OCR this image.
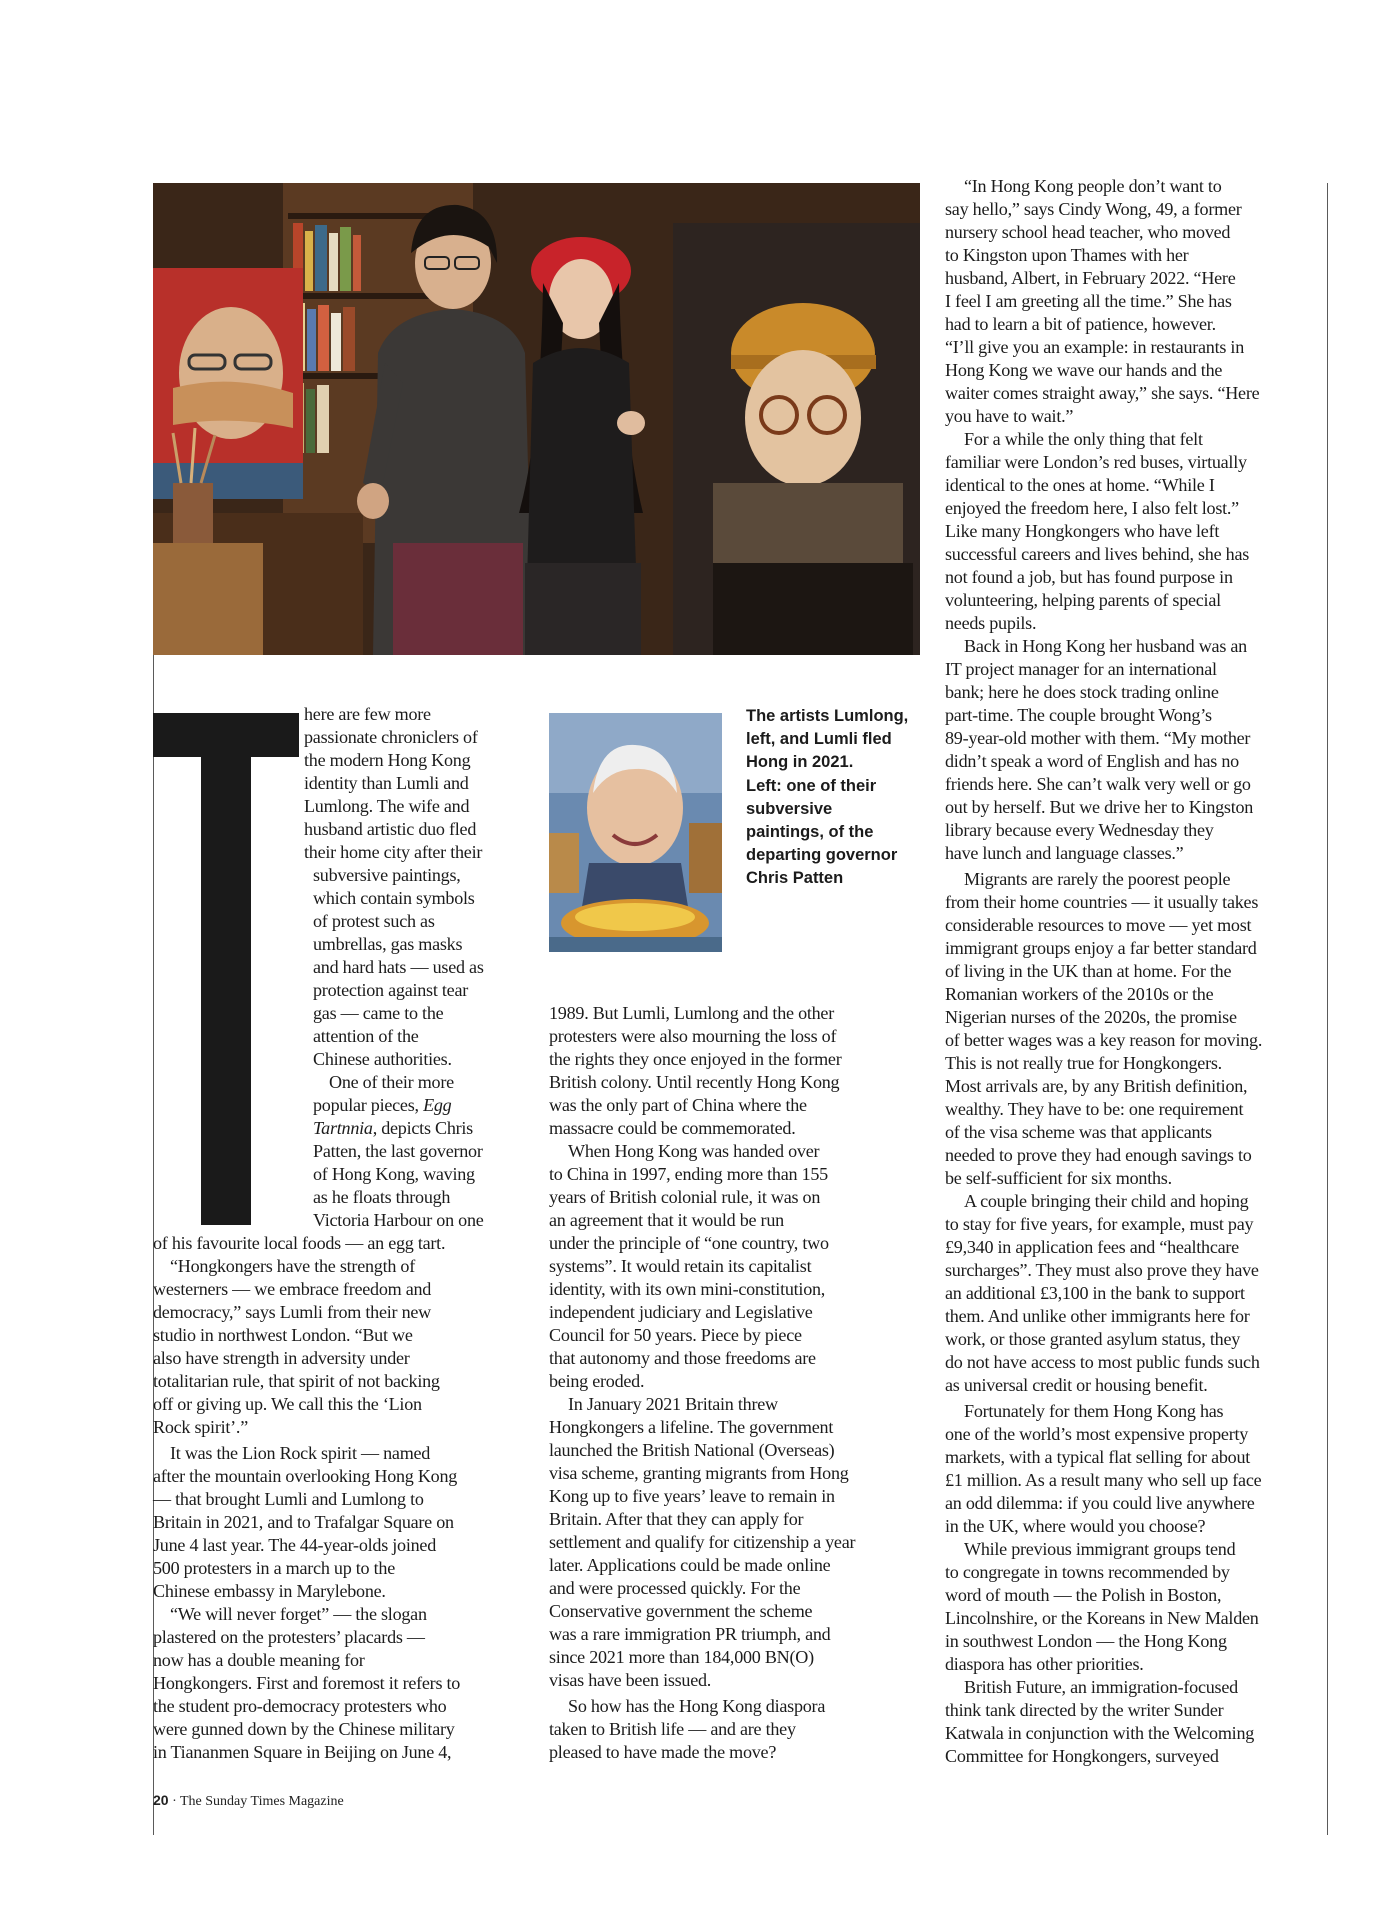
The artists Lumlong,
left, and Lumli fled
Hong in 2021.
Left: one of their
subversive
paintings, of the
departing governor
Chris Patten
here are few more
passionate chroniclers of
the modern Hong Kong
identity than Lumli and
Lumlong. The wife and
husband artistic duo fled
their home city after their
subversive paintings,
which contain symbols
of protest such as
umbrellas, gas masks
and hard hats — used as
protection against tear
gas — came to the
attention of the
Chinese authorities.
One of their more
popular pieces, Egg
Tartnnia, depicts Chris
Patten, the last governor
of Hong Kong, waving
as he floats through
Victoria Harbour on one
of his favourite local foods — an egg tart.
“Hongkongers have the strength of
westerners — we embrace freedom and
democracy,” says Lumli from their new
studio in northwest London. “But we
also have strength in adversity under
totalitarian rule, that spirit of not backing
off or giving up. We call this the ‘Lion
Rock spirit’.”
It was the Lion Rock spirit — named
after the mountain overlooking Hong Kong
— that brought Lumli and Lumlong to
Britain in 2021, and to Trafalgar Square on
June 4 last year. The 44-year-olds joined
500 protesters in a march up to the
Chinese embassy in Marylebone.
“We will never forget” — the slogan
plastered on the protesters’ placards —
now has a double meaning for
Hongkongers. First and foremost it refers to
the student pro-democracy protesters who
were gunned down by the Chinese military
in Tiananmen Square in Beijing on June 4,
1989. But Lumli, Lumlong and the other
protesters were also mourning the loss of
the rights they once enjoyed in the former
British colony. Until recently Hong Kong
was the only part of China where the
massacre could be commemorated.
When Hong Kong was handed over
to China in 1997, ending more than 155
years of British colonial rule, it was on
an agreement that it would be run
under the principle of “one country, two
systems”. It would retain its capitalist
identity, with its own mini-constitution,
independent judiciary and Legislative
Council for 50 years. Piece by piece
that autonomy and those freedoms are
being eroded.
In January 2021 Britain threw
Hongkongers a lifeline. The government
launched the British National (Overseas)
visa scheme, granting migrants from Hong
Kong up to five years’ leave to remain in
Britain. After that they can apply for
settlement and qualify for citizenship a year
later. Applications could be made online
and were processed quickly. For the
Conservative government the scheme
was a rare immigration PR triumph, and
since 2021 more than 184,000 BN(O)
visas have been issued.
So how has the Hong Kong diaspora
taken to British life — and are they
pleased to have made the move?
“In Hong Kong people don’t want to
say hello,” says Cindy Wong, 49, a former
nursery school head teacher, who moved
to Kingston upon Thames with her
husband, Albert, in February 2022. “Here
I feel I am greeting all the time.” She has
had to learn a bit of patience, however.
“I’ll give you an example: in restaurants in
Hong Kong we wave our hands and the
waiter comes straight away,” she says. “Here
you have to wait.”
For a while the only thing that felt
familiar were London’s red buses, virtually
identical to the ones at home. “While I
enjoyed the freedom here, I also felt lost.”
Like many Hongkongers who have left
successful careers and lives behind, she has
not found a job, but has found purpose in
volunteering, helping parents of special
needs pupils.
Back in Hong Kong her husband was an
IT project manager for an international
bank; here he does stock trading online
part-time. The couple brought Wong’s
89-year-old mother with them. “My mother
didn’t speak a word of English and has no
friends here. She can’t walk very well or go
out by herself. But we drive her to Kingston
library because every Wednesday they
have lunch and language classes.”
Migrants are rarely the poorest people
from their home countries — it usually takes
considerable resources to move — yet most
immigrant groups enjoy a far better standard
of living in the UK than at home. For the
Romanian workers of the 2010s or the
Nigerian nurses of the 2020s, the promise
of better wages was a key reason for moving.
This is not really true for Hongkongers.
Most arrivals are, by any British definition,
wealthy. They have to be: one requirement
of the visa scheme was that applicants
needed to prove they had enough savings to
be self-sufficient for six months.
A couple bringing their child and hoping
to stay for five years, for example, must pay
£9,340 in application fees and “healthcare
surcharges”. They must also prove they have
an additional £3,100 in the bank to support
them. And unlike other immigrants here for
work, or those granted asylum status, they
do not have access to most public funds such
as universal credit or housing benefit.
Fortunately for them Hong Kong has
one of the world’s most expensive property
markets, with a typical flat selling for about
£1 million. As a result many who sell up face
an odd dilemma: if you could live anywhere
in the UK, where would you choose?
While previous immigrant groups tend
to congregate in towns recommended by
word of mouth — the Polish in Boston,
Lincolnshire, or the Koreans in New Malden
in southwest London — the Hong Kong
diaspora has other priorities.
British Future, an immigration-focused
think tank directed by the writer Sunder
Katwala in conjunction with the Welcoming
Committee for Hongkongers, surveyed
20 · The Sunday Times Magazine
